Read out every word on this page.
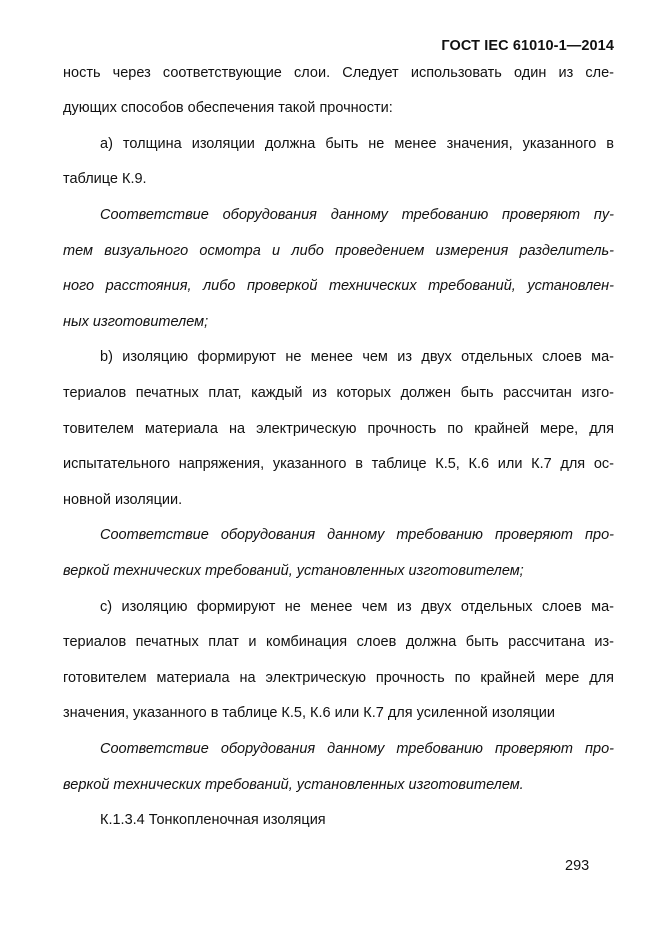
ГОСТ IEC 61010-1—2014
ность через соответствующие слои. Следует использовать один из сле-
дующих способов обеспечения такой прочности:
а) толщина изоляции должна быть не менее значения, указанного в
таблице К.9.
Соответствие оборудования данному требованию проверяют пу-
тем визуального осмотра и либо проведением измерения разделитель-
ного расстояния, либо проверкой технических требований, установлен-
ных изготовителем;
b) изоляцию формируют не менее чем из двух отдельных слоев ма-
териалов печатных плат, каждый из которых должен быть рассчитан изго-
товителем материала на электрическую прочность по крайней мере, для
испытательного напряжения, указанного в таблице К.5, К.6 или К.7 для ос-
новной изоляции.
Соответствие оборудования данному требованию проверяют про-
веркой технических требований, установленных изготовителем;
с) изоляцию формируют не менее чем из двух отдельных слоев ма-
териалов печатных плат и комбинация слоев должна быть рассчитана из-
готовителем материала на электрическую прочность по крайней мере для
значения, указанного в таблице К.5, К.6 или К.7 для усиленной изоляции
Соответствие оборудования данному требованию проверяют про-
веркой технических требований, установленных изготовителем.
К.1.3.4 Тонкопленочная изоляция
293
